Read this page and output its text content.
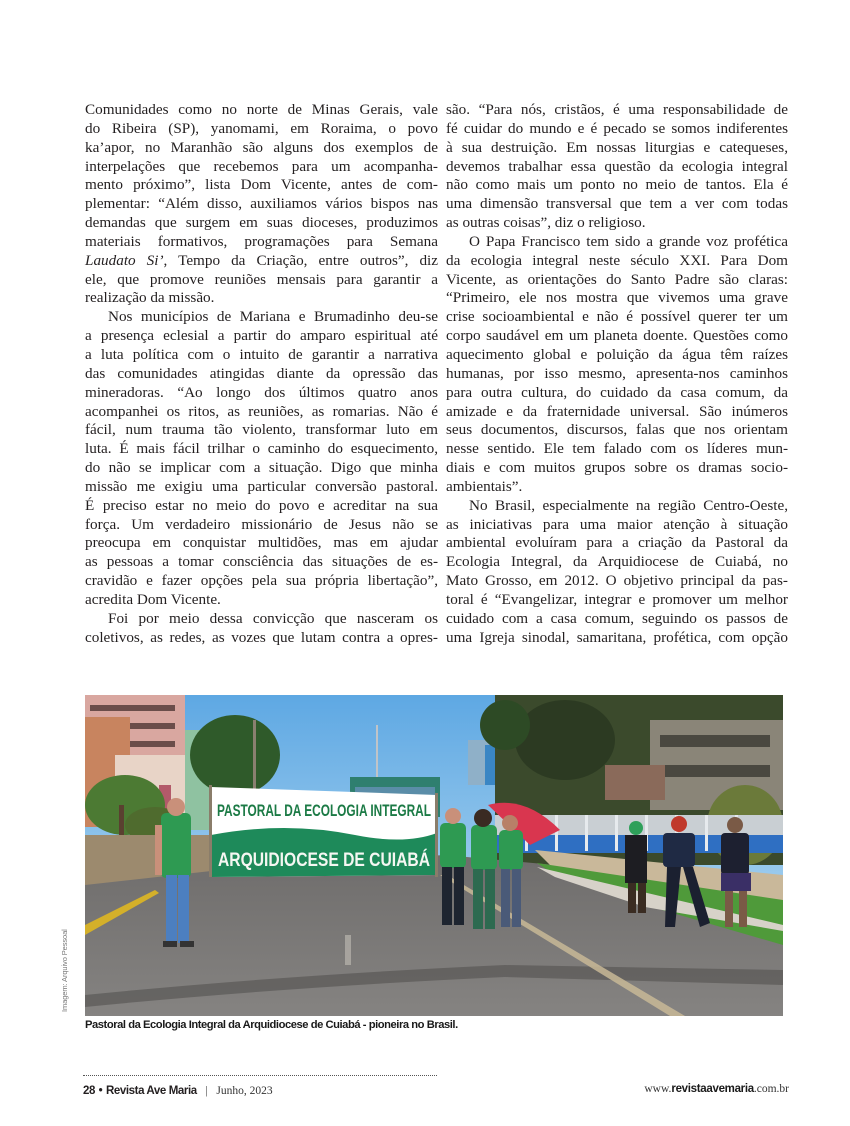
Comunidades como no norte de Minas Gerais, vale
do Ribeira (SP), yanomami, em Roraima, o povo
ka’apor, no Maranhão são alguns dos exemplos de
interpelações que recebemos para um acompanha-
mento próximo”, lista Dom Vicente, antes de com-
plementar: “Além disso, auxiliamos vários bispos nas
demandas que surgem em suas dioceses, produzimos
materiais formativos, programações para Semana
Laudato Si’, Tempo da Criação, entre outros”, diz
ele, que promove reuniões mensais para garantir a
realização da missão.
Nos municípios de Mariana e Brumadinho deu-se
a presença eclesial a partir do amparo espiritual até
a luta política com o intuito de garantir a narrativa
das comunidades atingidas diante da opressão das
mineradoras. “Ao longo dos últimos quatro anos
acompanhei os ritos, as reuniões, as romarias. Não é
fácil, num trauma tão violento, transformar luto em
luta. É mais fácil trilhar o caminho do esquecimento,
do não se implicar com a situação. Digo que minha
missão me exigiu uma particular conversão pastoral.
É preciso estar no meio do povo e acreditar na sua
força. Um verdadeiro missionário de Jesus não se
preocupa em conquistar multidões, mas em ajudar
as pessoas a tomar consciência das situações de es-
cravidão e fazer opções pela sua própria libertação”,
acredita Dom Vicente.
Foi por meio dessa convicção que nasceram os
coletivos, as redes, as vozes que lutam contra a opres-
são. “Para nós, cristãos, é uma responsabilidade de
fé cuidar do mundo e é pecado se somos indiferentes
à sua destruição. Em nossas liturgias e catequeses,
devemos trabalhar essa questão da ecologia integral
não como mais um ponto no meio de tantos. Ela é
uma dimensão transversal que tem a ver com todas
as outras coisas”, diz o religioso.
O Papa Francisco tem sido a grande voz profética
da ecologia integral neste século XXI. Para Dom
Vicente, as orientações do Santo Padre são claras:
“Primeiro, ele nos mostra que vivemos uma grave
crise socioambiental e não é possível querer ter um
corpo saudável em um planeta doente. Questões como
aquecimento global e poluição da água têm raízes
humanas, por isso mesmo, apresenta-nos caminhos
para outra cultura, do cuidado da casa comum, da
amizade e da fraternidade universal. São inúmeros
seus documentos, discursos, falas que nos orientam
nesse sentido. Ele tem falado com os líderes mun-
diais e com muitos grupos sobre os dramas socio-
ambientais”.
No Brasil, especialmente na região Centro-Oeste,
as iniciativas para uma maior atenção à situação
ambiental evoluíram para a criação da Pastoral da
Ecologia Integral, da Arquidiocese de Cuiabá, no
Mato Grosso, em 2012. O objetivo principal da pas-
toral é “Evangelizar, integrar e promover um melhor
cuidado com a casa comum, seguindo os passos de
uma Igreja sinodal, samaritana, profética, com opção
PASTORAL DA ECOLOGIA INTEGRAL
ARQUIDIOCESE DE CUIABÁ
Imagem: Arquivo Pessoal
Pastoral da Ecologia Integral da Arquidiocese de Cuiabá - pioneira no Brasil.
28 • Revista Ave Maria | Junho, 2023	www.revistaavemaria.com.br
